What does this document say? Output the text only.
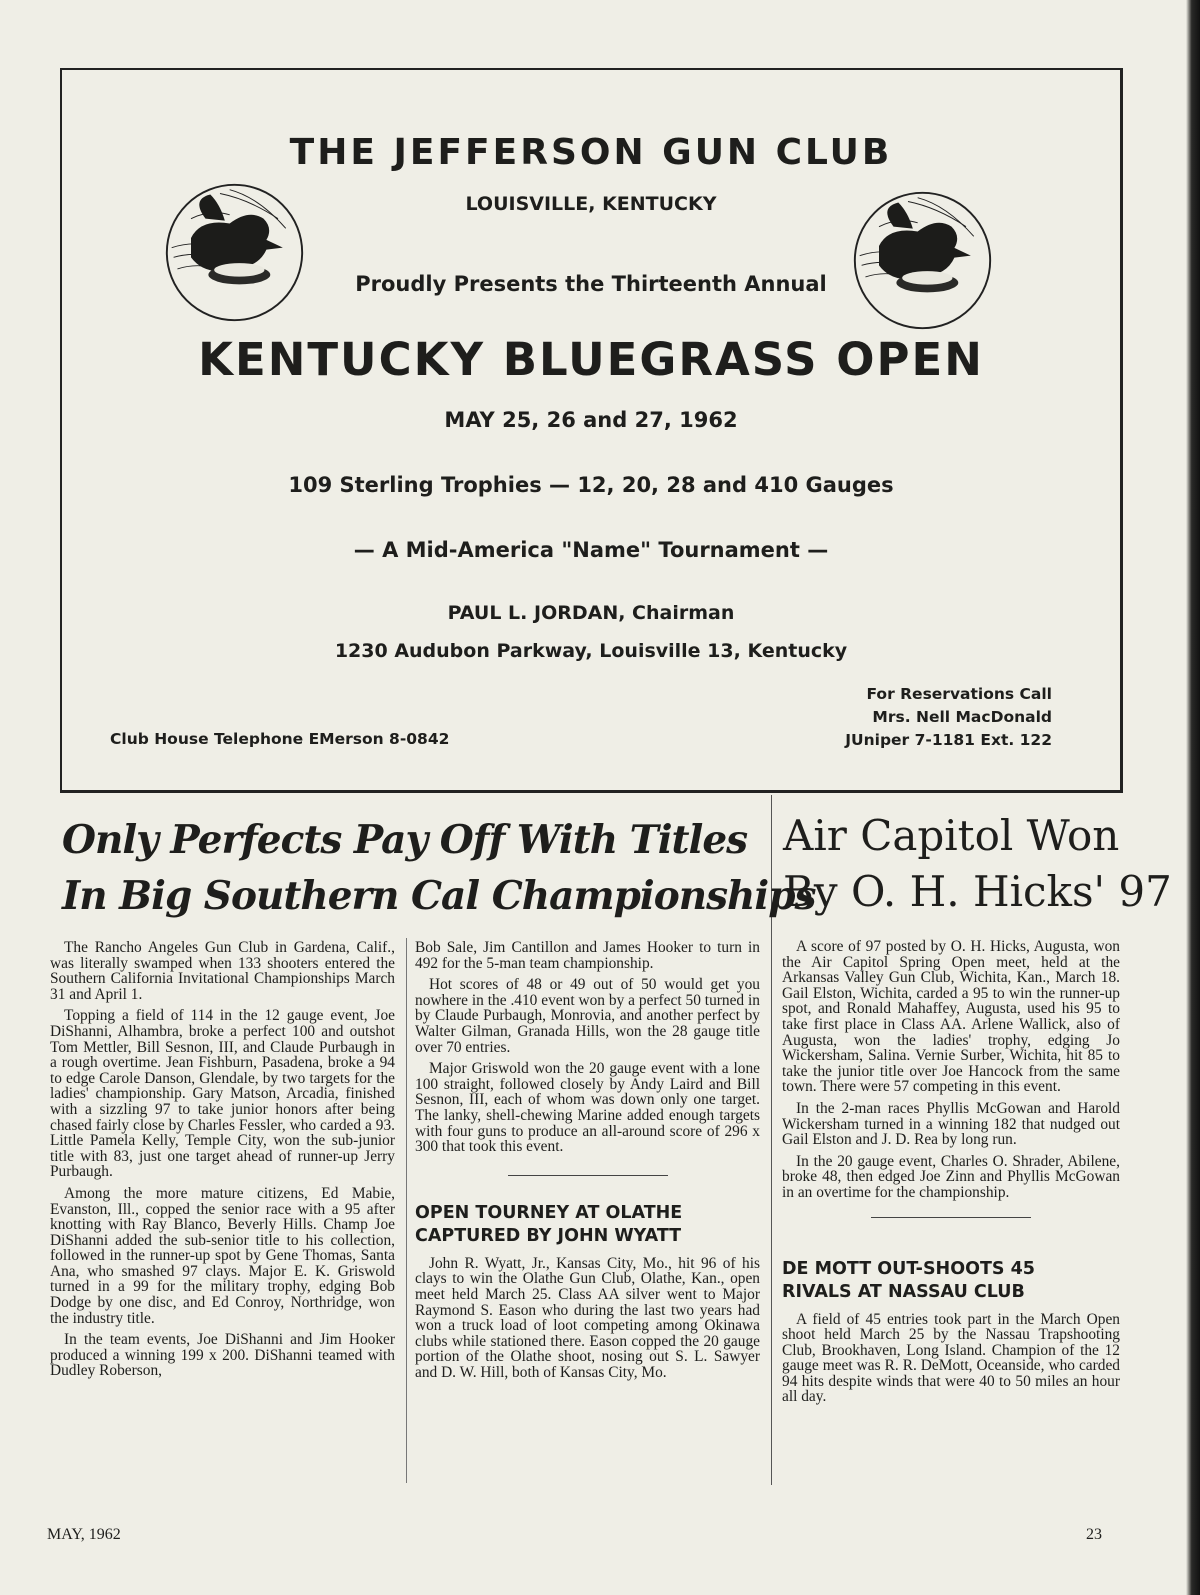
THE JEFFERSON GUN CLUB
LOUISVILLE, KENTUCKY
Proudly Presents the Thirteenth Annual
KENTUCKY BLUEGRASS OPEN
MAY 25, 26 and 27, 1962
109 Sterling Trophies — 12, 20, 28 and 410 Gauges
— A Mid-America "Name" Tournament —
PAUL L. JORDAN, Chairman
1230 Audubon Parkway, Louisville 13, Kentucky
For Reservations Call
Mrs. Nell MacDonald
JUniper 7-1181 Ext. 122
Club House Telephone EMerson 8-0842
Only Perfects Pay Off With Titles
In Big Southern Cal Championships
Air Capitol Won
By O. H. Hicks' 97

The Rancho Angeles Gun Club in Gardena, Calif., was literally swamped when 133 shooters entered the Southern California Invitational Championships March 31 and April 1.

Topping a field of 114 in the 12 gauge event, Joe DiShanni, Alhambra, broke a perfect 100 and outshot Tom Mettler, Bill Sesnon, III, and Claude Purbaugh in a rough overtime. Jean Fishburn, Pasadena, broke a 94 to edge Carole Danson, Glendale, by two targets for the ladies' championship. Gary Matson, Arcadia, finished with a sizzling 97 to take junior honors after being chased fairly close by Charles Fessler, who carded a 93. Little Pamela Kelly, Temple City, won the sub-junior title with 83, just one target ahead of runner-up Jerry Purbaugh.

Among the more mature citizens, Ed Mabie, Evanston, Ill., copped the senior race with a 95 after knotting with Ray Blanco, Beverly Hills. Champ Joe DiShanni added the sub-senior title to his collection, followed in the runner-up spot by Gene Thomas, Santa Ana, who smashed 97 clays. Major E. K. Griswold turned in a 99 for the military trophy, edging Bob Dodge by one disc, and Ed Conroy, Northridge, won the industry title.

In the team events, Joe DiShanni and Jim Hooker produced a winning 199 x 200. DiShanni teamed with Dudley Roberson,

Bob Sale, Jim Cantillon and James Hooker to turn in 492 for the 5-man team championship.

Hot scores of 48 or 49 out of 50 would get you nowhere in the .410 event won by a perfect 50 turned in by Claude Purbaugh, Monrovia, and another perfect by Walter Gilman, Granada Hills, won the 28 gauge title over 70 entries.

Major Griswold won the 20 gauge event with a lone 100 straight, followed closely by Andy Laird and Bill Sesnon, III, each of whom was down only one target. The lanky, shell-chewing Marine added enough targets with four guns to produce an all-around score of 296 x 300 that took this event.

OPEN TOURNEY AT OLATHE
CAPTURED BY JOHN WYATT

John R. Wyatt, Jr., Kansas City, Mo., hit 96 of his clays to win the Olathe Gun Club, Olathe, Kan., open meet held March 25. Class AA silver went to Major Raymond S. Eason who during the last two years had won a truck load of loot competing among Okinawa clubs while stationed there. Eason copped the 20 gauge portion of the Olathe shoot, nosing out S. L. Sawyer and D. W. Hill, both of Kansas City, Mo.

A score of 97 posted by O. H. Hicks, Augusta, won the Air Capitol Spring Open meet, held at the Arkansas Valley Gun Club, Wichita, Kan., March 18. Gail Elston, Wichita, carded a 95 to win the runner-up spot, and Ronald Mahaffey, Augusta, used his 95 to take first place in Class AA. Arlene Wallick, also of Augusta, won the ladies' trophy, edging Jo Wickersham, Salina. Vernie Surber, Wichita, hit 85 to take the junior title over Joe Hancock from the same town. There were 57 competing in this event.

In the 2-man races Phyllis McGowan and Harold Wickersham turned in a winning 182 that nudged out Gail Elston and J. D. Rea by long run.

In the 20 gauge event, Charles O. Shrader, Abilene, broke 48, then edged Joe Zinn and Phyllis McGowan in an overtime for the championship.

DE MOTT OUT-SHOOTS 45
RIVALS AT NASSAU CLUB

A field of 45 entries took part in the March Open shoot held March 25 by the Nassau Trapshooting Club, Brookhaven, Long Island. Champion of the 12 gauge meet was R. R. DeMott, Oceanside, who carded 94 hits despite winds that were 40 to 50 miles an hour all day.

MAY, 1962	23
